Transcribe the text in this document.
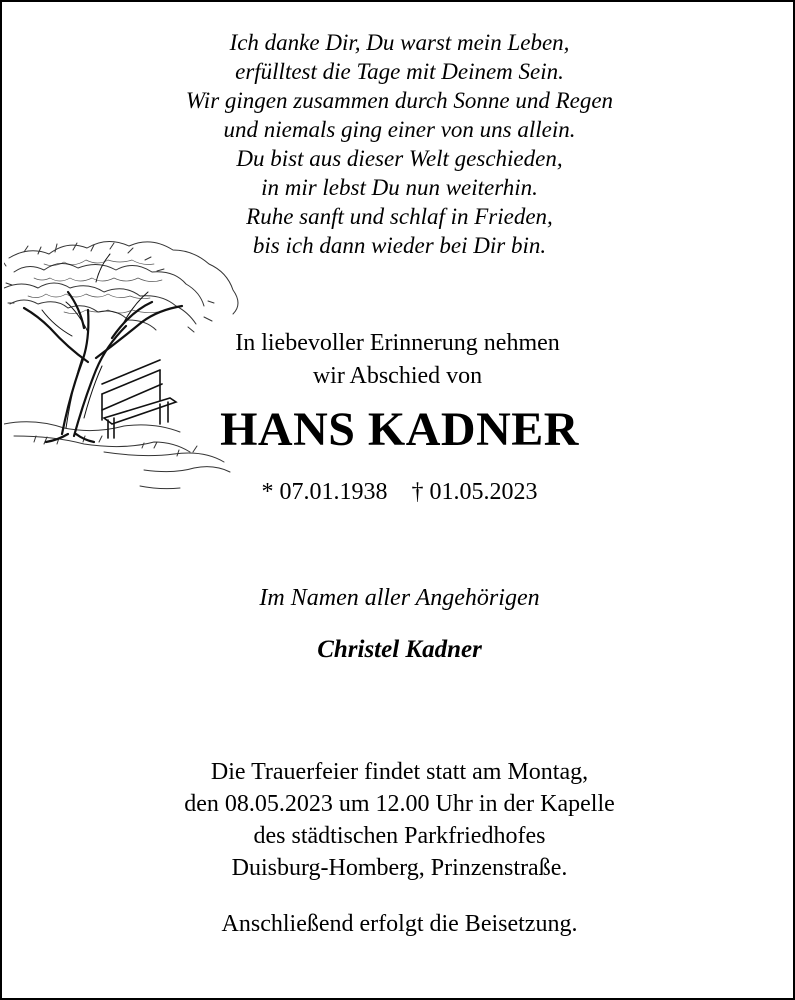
Ich danke Dir, Du warst mein Leben,
erfülltest die Tage mit Deinem Sein.
Wir gingen zusammen durch Sonne und Regen
und niemals ging einer von uns allein.
Du bist aus dieser Welt geschieden,
in mir lebst Du nun weiterhin.
Ruhe sanft und schlaf in Frieden,
bis ich dann wieder bei Dir bin.
In liebevoller Erinnerung nehmen
wir Abschied von
HANS KADNER
* 07.01.1938 † 01.05.2023
Im Namen aller Angehörigen
Christel Kadner
Die Trauerfeier findet statt am Montag,
den 08.05.2023 um 12.00 Uhr in der Kapelle
des städtischen Parkfriedhofes
Duisburg-Homberg, Prinzenstraße.
Anschließend erfolgt die Beisetzung.
